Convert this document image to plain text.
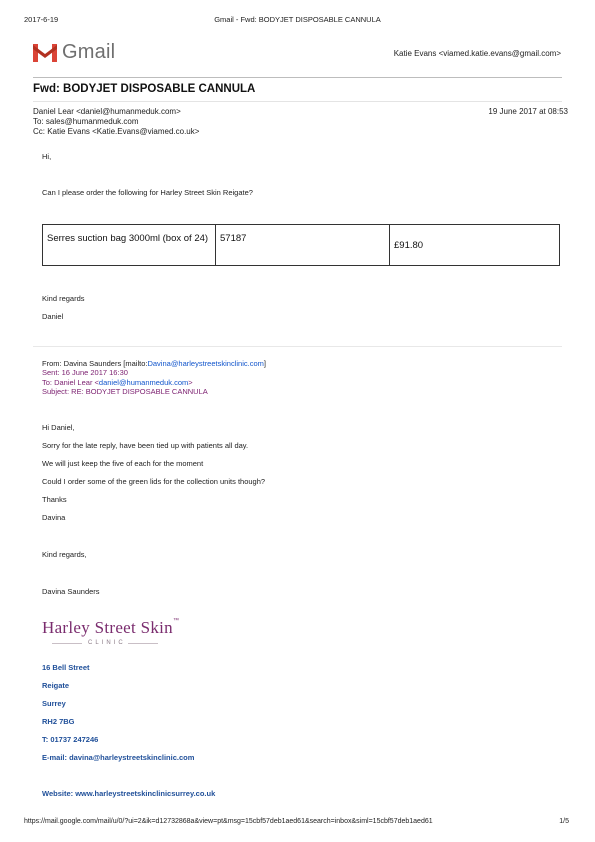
2017-6-19	Gmail - Fwd: BODYJET DISPOSABLE CANNULA
Gmail	Katie Evans <viamed.katie.evans@gmail.com>
Fwd: BODYJET DISPOSABLE CANNULA
Daniel Lear <daniel@humanmeduk.com>	19 June 2017 at 08:53
To: sales@humanmeduk.com
Cc: Katie Evans <Katie.Evans@viamed.co.uk>
Hi,
Can I please order the following for Harley Street Skin Reigate?
Serres suction bag 3000ml (box of 24)	57187	£91.80
Kind regards
Daniel
From: Davina Saunders [mailto:Davina@harleystreetskinclinic.com]
Sent: 16 June 2017 16:30
To: Daniel Lear <daniel@humanmeduk.com>
Subject: RE: BODYJET DISPOSABLE CANNULA
Hi Daniel,
Sorry for the late reply, have been tied up with patients all day.
We will just keep the five of each for the moment
Could I order some of the green lids for the collection units though?
Thanks
Davina
Kind regards,
Davina Saunders
Harley Street Skin™
CLINIC
16 Bell Street
Reigate
Surrey
RH2 7BG
T: 01737 247246
E-mail: davina@harleystreetskinclinic.com
Website: www.harleystreetskinclinicsurrey.co.uk
https://mail.google.com/mail/u/0/?ui=2&ik=d12732868a&view=pt&msg=15cbf57deb1aed61&search=inbox&siml=15cbf57deb1aed61	1/5
